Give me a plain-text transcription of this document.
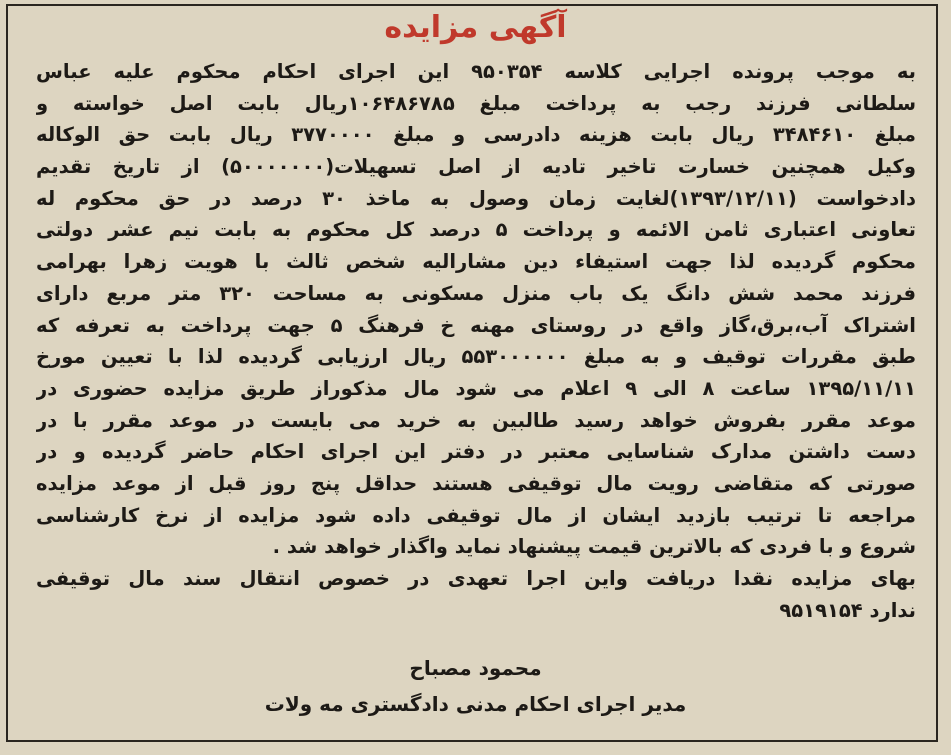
آگهی مزایده
به موجب پرونده اجرایی کلاسه ۹۵۰۳۵۴ این اجرای احکام محکوم علیه عباس
سلطانی فرزند رجب به پرداخت مبلغ ۱۰۶۴۸۶۷۸۵ریال بابت اصل خواسته و
مبلغ ۳۴۸۴۶۱۰ ریال بابت هزینه دادرسی و مبلغ ۳۷۷۰۰۰۰ ریال بابت حق الوکاله
وکیل همچنین خسارت تاخیر تادیه از اصل تسهیلات(۵۰۰۰۰۰۰۰) از تاریخ تقدیم
دادخواست (۱۳۹۳/۱۲/۱۱)لغایت زمان وصول به ماخذ ۳۰ درصد در حق محکوم له
تعاونی اعتباری ثامن الائمه و پرداخت ۵ درصد کل محکوم به بابت نیم عشر دولتی
محکوم گردیده لذا جهت استیفاء دین مشارالیه شخص ثالث با هویت زهرا بهرامی
فرزند محمد شش دانگ یک باب منزل مسکونی به مساحت ۳۲۰ متر مربع دارای
اشتراک آب،برق،گاز واقع در روستای مهنه خ فرهنگ ۵ جهت پرداخت به تعرفه که
طبق مقررات توقیف و به مبلغ ۵۵۳۰۰۰۰۰۰ ریال ارزیابی گردیده لذا با تعیین مورخ
۱۳۹۵/۱۱/۱۱ ساعت ۸ الی ۹ اعلام می شود مال مذکوراز طریق مزایده حضوری در
موعد مقرر بفروش خواهد رسید طالبین به خرید می بایست در موعد مقرر با در
دست داشتن مدارک شناسایی معتبر در دفتر این اجرای احکام حاضر گردیده و در
صورتی که متقاضی رویت مال توقیفی هستند حداقل پنج روز قبل از موعد مزایده
مراجعه تا ترتیب بازدید ایشان از مال توقیفی داده شود مزایده از نرخ کارشناسی
شروع و با فردی که بالاترین قیمت پیشنهاد نماید واگذار خواهد شد .
بهای مزایده نقدا دریافت واین اجرا تعهدی در خصوص انتقال سند مال توقیفی
ندارد ۹۵۱۹۱۵۴
محمود مصباح
مدیر اجرای احکام مدنی دادگستری مه ولات
